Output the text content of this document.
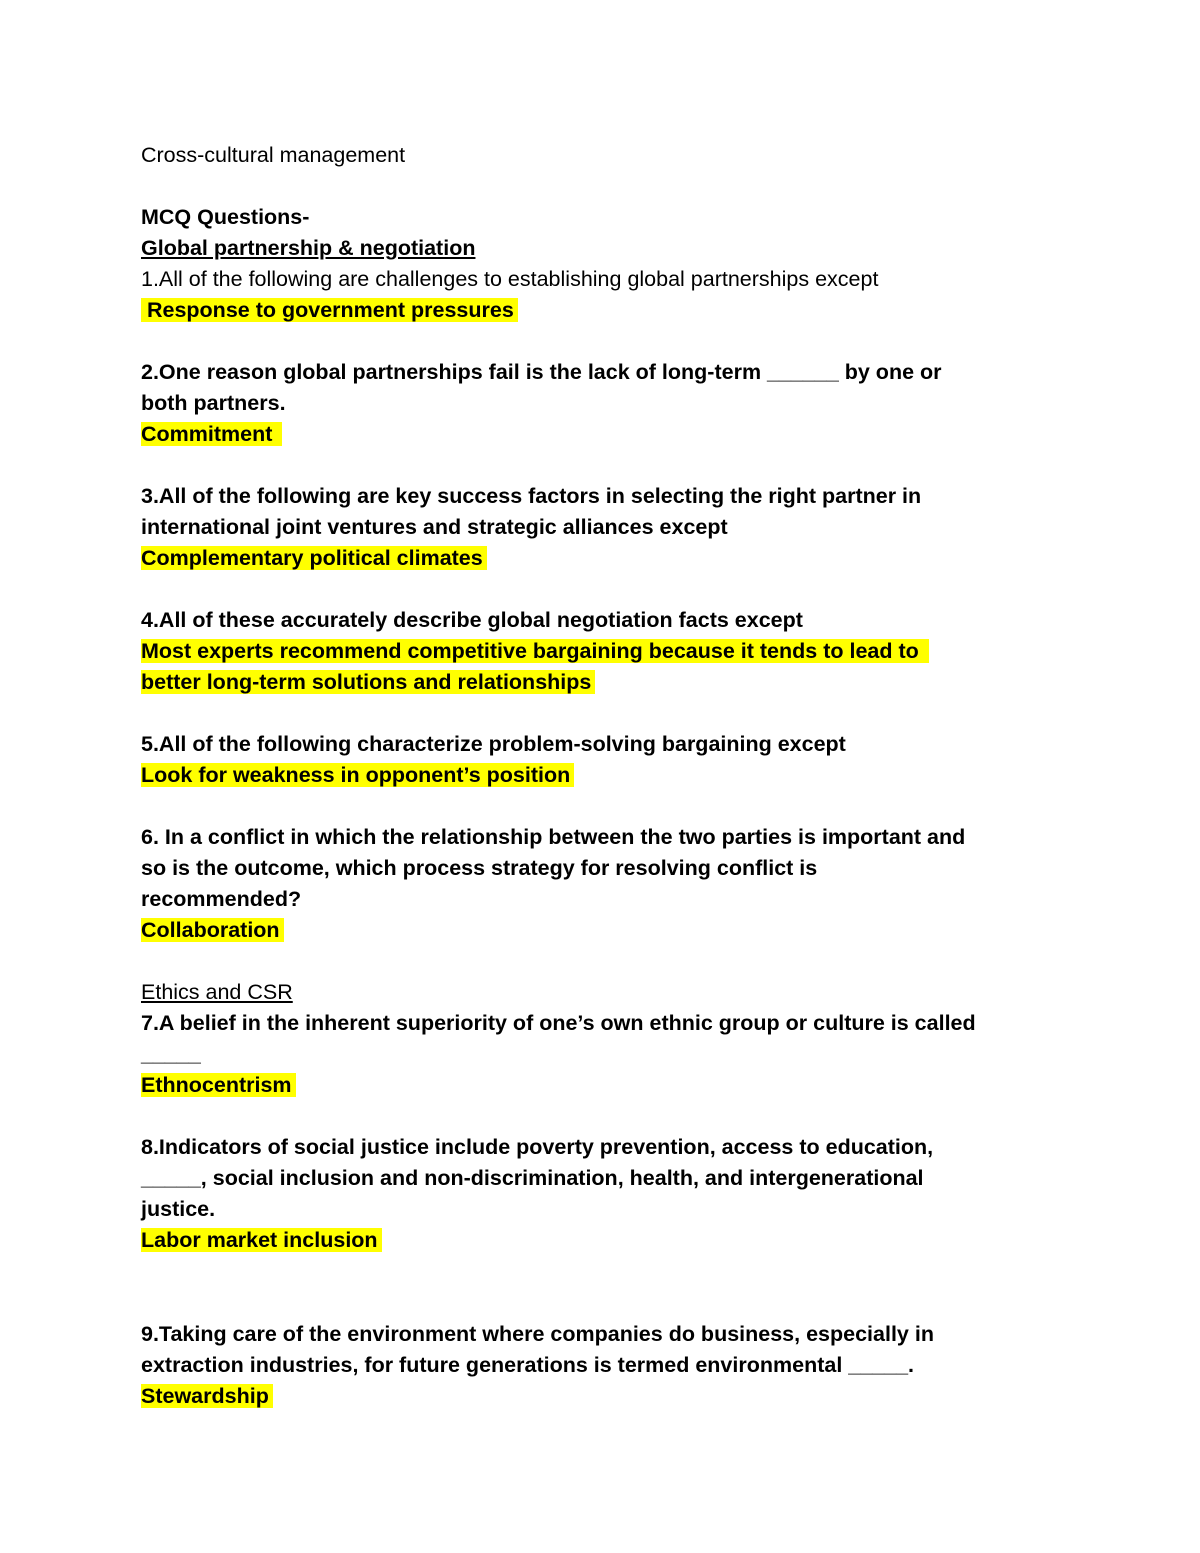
Cross-cultural management
MCQ Questions-
Global partnership & negotiation
1.All of the following are challenges to establishing global partnerships except
Response to government pressures
2.One reason global partnerships fail is the lack of long-term ______ by one or
both partners.
Commitment
3.All of the following are key success factors in selecting the right partner in
international joint ventures and strategic alliances except
Complementary political climates
4.All of these accurately describe global negotiation facts except
Most experts recommend competitive bargaining because it tends to lead to
better long-term solutions and relationships
5.All of the following characterize problem-solving bargaining except
Look for weakness in opponent’s position
6. In a conflict in which the relationship between the two parties is important and
so is the outcome, which process strategy for resolving conflict is
recommended?
Collaboration
Ethics and CSR
7.A belief in the inherent superiority of one’s own ethnic group or culture is called
_____
Ethnocentrism
8.Indicators of social justice include poverty prevention, access to education,
_____, social inclusion and non-discrimination, health, and intergenerational
justice.
Labor market inclusion
9.Taking care of the environment where companies do business, especially in
extraction industries, for future generations is termed environmental _____.
Stewardship
